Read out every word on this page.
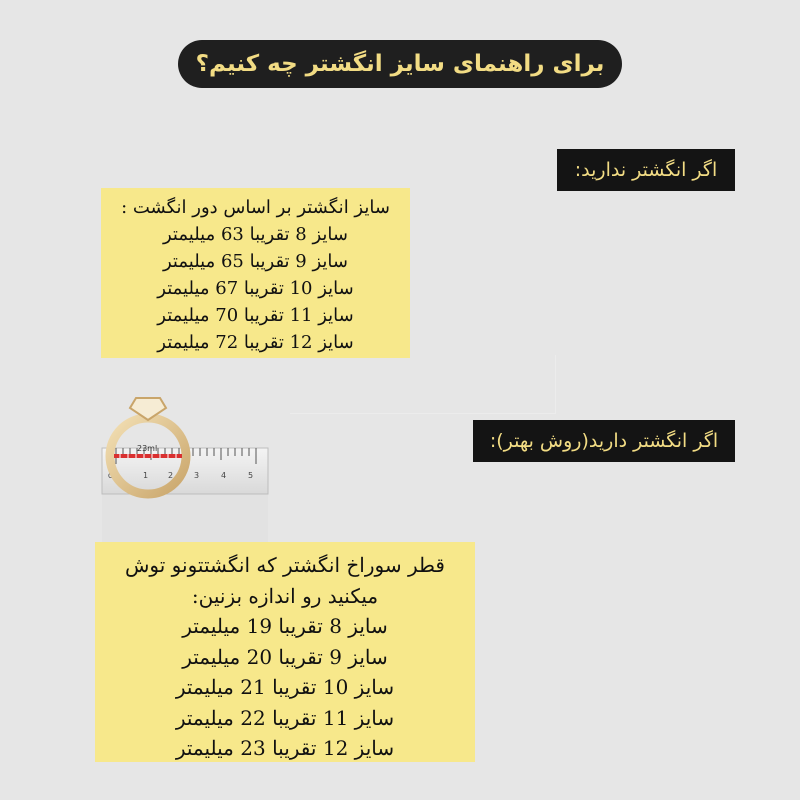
برای راهنمای سایز انگشتر چه کنیم؟
اگر انگشتر ندارید:
سایز انگشتر بر اساس دور انگشت :
سایز 8 تقریبا 63 میلیمتر
سایز 9 تقریبا 65 میلیمتر
سایز 10 تقریبا 67 میلیمتر
سایز 11 تقریبا 70 میلیمتر
سایز 12 تقریبا 72 میلیمتر
اگر انگشتر دارید(روش بهتر):
CM	1 2	3	4	5
23ml
قطر سوراخ انگشتر که انگشتتونو توش
میکنید رو اندازه بزنین:
سایز 8 تقریبا 19 میلیمتر
سایز 9 تقریبا 20 میلیمتر
سایز 10 تقریبا 21 میلیمتر
سایز 11 تقریبا 22 میلیمتر
سایز 12 تقریبا 23 میلیمتر
